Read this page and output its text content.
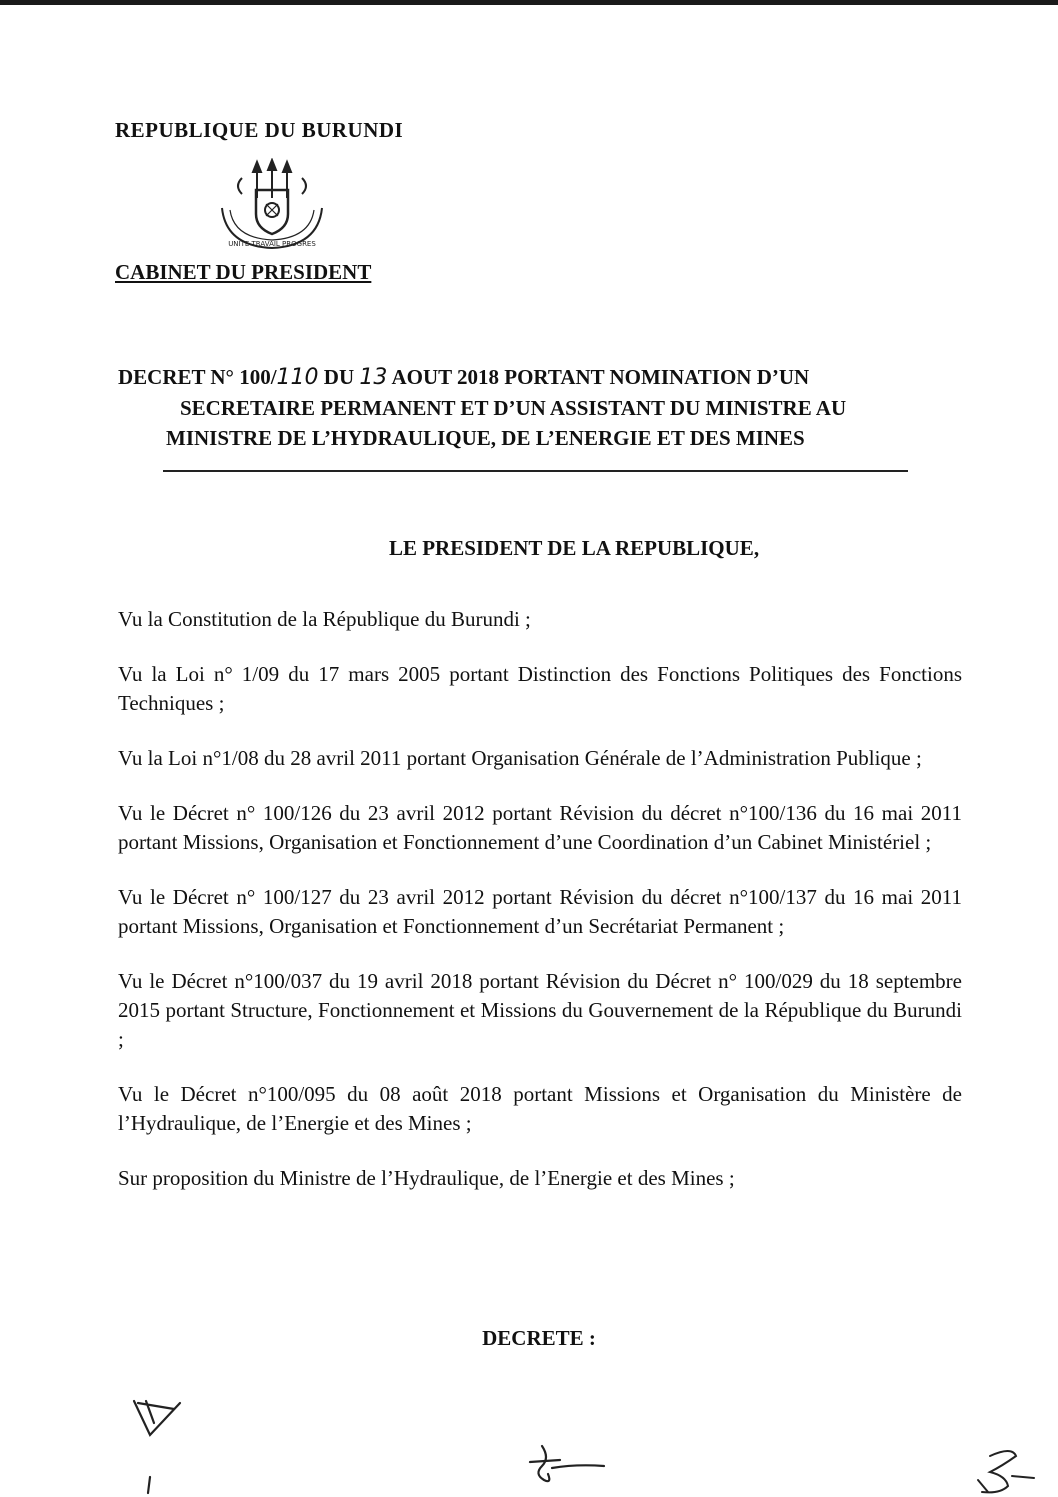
REPUBLIQUE DU BURUNDI

UNITE TRAVAIL PROGRES

CABINET DU PRESIDENT

DECRET N° 100/110 DU 13 AOUT 2018 PORTANT NOMINATION D’UN
SECRETAIRE PERMANENT ET D’UN ASSISTANT DU MINISTRE AU
MINISTRE DE L’HYDRAULIQUE, DE L’ENERGIE ET DES MINES
LE PRESIDENT DE LA REPUBLIQUE,

Vu la Constitution de la République du Burundi ;

Vu la Loi n° 1/09 du 17 mars 2005 portant Distinction des Fonctions Politiques des Fonctions Techniques ;

Vu la Loi n°1/08 du 28 avril 2011 portant Organisation Générale de l’Administration Publique ;

Vu le Décret n° 100/126 du 23 avril 2012 portant Révision du décret n°100/136 du 16 mai 2011 portant Missions, Organisation et Fonctionnement d’une Coordination d’un Cabinet Ministériel ;

Vu le Décret n° 100/127 du 23 avril 2012 portant Révision du décret n°100/137 du 16 mai 2011 portant Missions, Organisation et Fonctionnement d’un Secrétariat Permanent ;

Vu le Décret n°100/037 du 19 avril 2018 portant Révision du Décret n° 100/029 du 18 septembre 2015 portant Structure, Fonctionnement et Missions du Gouvernement de la République du Burundi ;

Vu le Décret n°100/095 du 08 août 2018 portant Missions et Organisation du Ministère de l’Hydraulique, de l’Energie et des Mines ;

Sur proposition du Ministre de l’Hydraulique, de l’Energie et des Mines ;

DECRETE :
